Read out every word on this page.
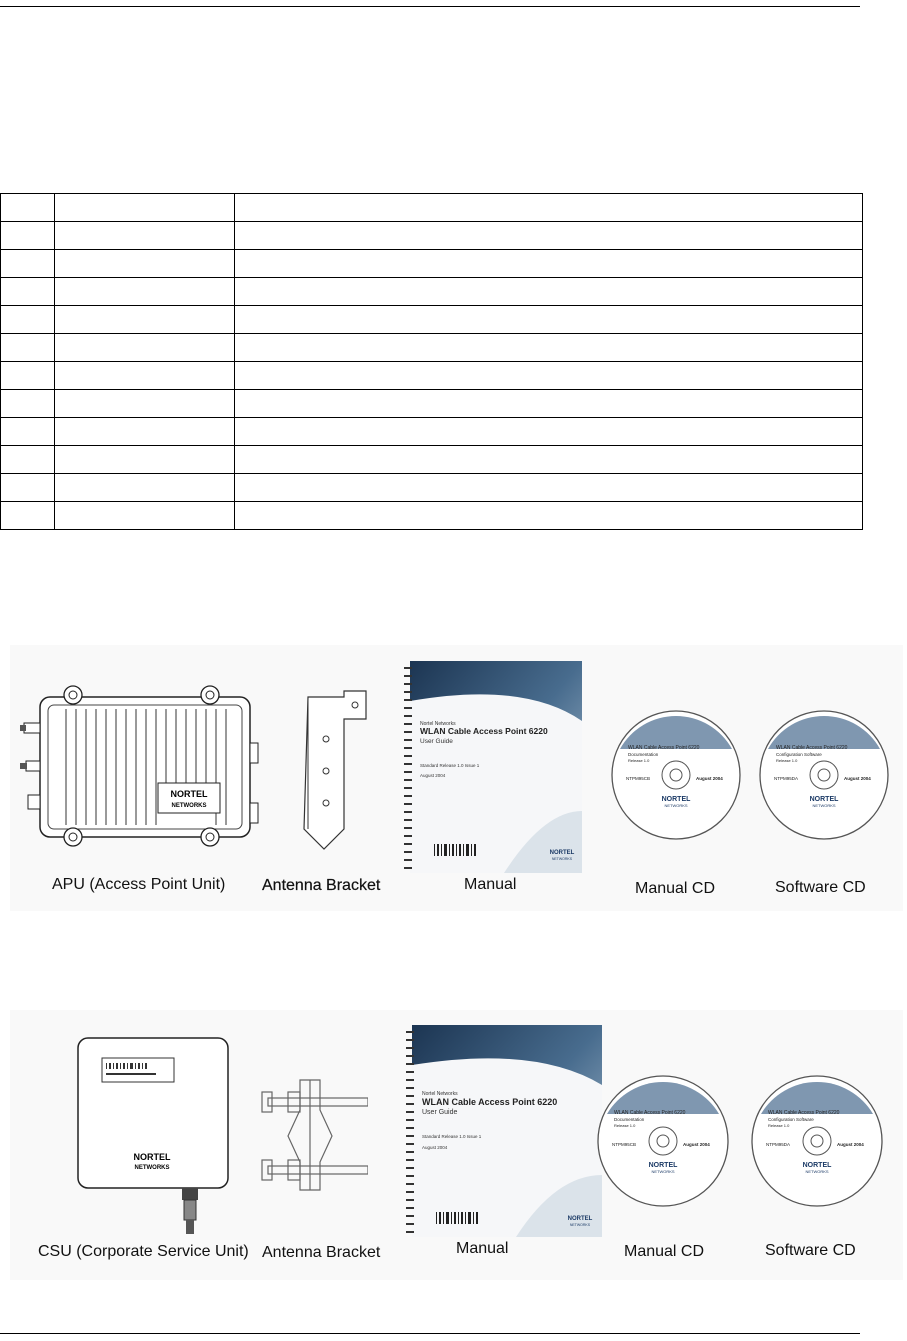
NORTEL
NETWORKS
Nortel Networks
WLAN Cable Access Point 6220
User Guide
Standard Release 1.0 Issue 1
August 2004
NORTEL
NETWORKS
WLAN Cable Access Point 6220
Documentation
Release 1.0
NTPM95CB	August 2004
NORTEL
NETWORKS
WLAN Cable Access Point 6220
Configuration Software
Release 1.0
NTPM95DA	August 2004
NORTEL
NETWORKS
APU (Access Point Unit) Antenna Bracket	Manual	Manual CD	Software CD
NORTEL
NETWORKS
Nortel Networks
WLAN Cable Access Point 6220
User Guide
Standard Release 1.0 Issue 1
August 2004
NORTEL
NETWORKS
WLAN Cable Access Point 6220
Documentation
Release 1.0
NTPM95CB	August 2004
NORTEL
NETWORKS
WLAN Cable Access Point 6220
Configuration Software
Release 1.0
NTPM95DA	August 2004
NORTEL
NETWORKS
CSU (Corporate Service Unit) Antenna Bracket	Manual	Manual CD	Software CD
